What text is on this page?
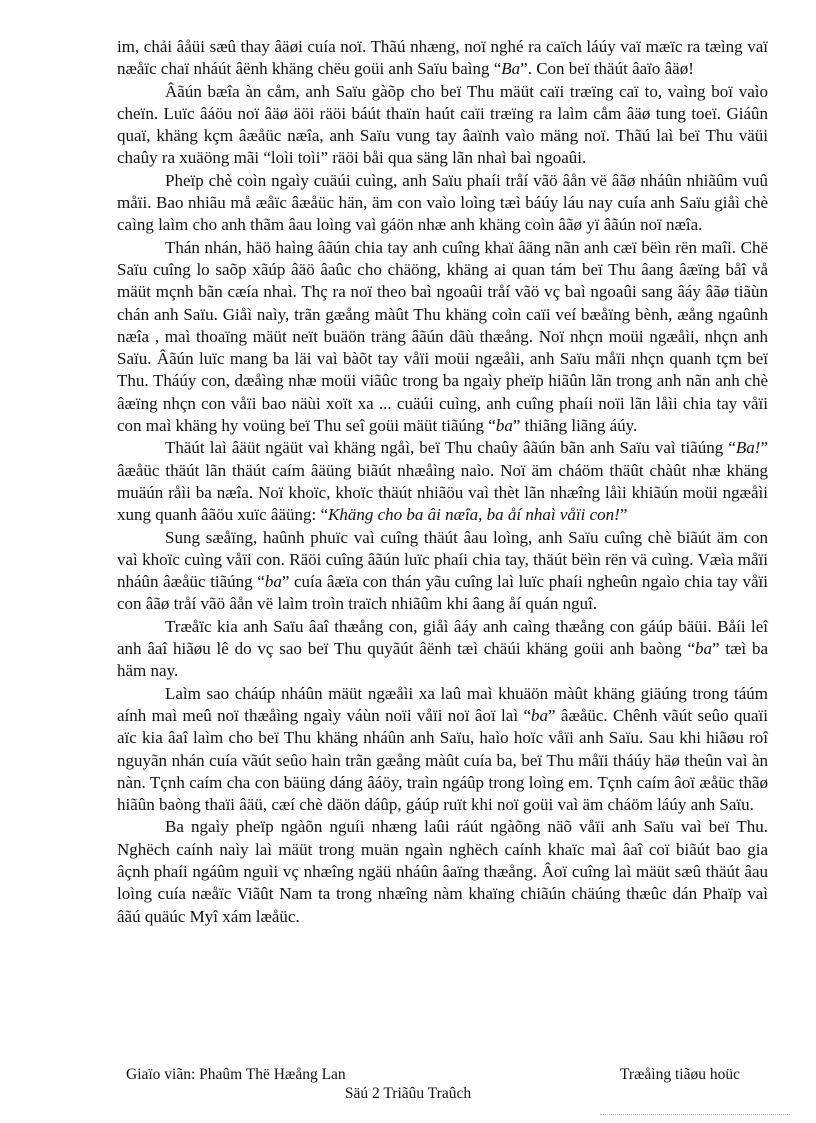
im, chải âåüi sæû thay âäøi cuía noï. Thãú nhæng, noï nghé ra caïch láúy vaï mæïc ra tæìng vaï næåïc chaï nháút âënh khäng chëu goüi anh Saïu baìng “Ba”. Con beï thäút âaïo âäø!

Âãún bæîa àn cåm, anh Saïu gàõp cho beï Thu mäüt caïi træïng caï to, vaìng boï vaìo cheïn. Luïc âáöu noï âäø äöi räöi báút thaïn haút caïi træïng ra laìm cåm âäø tung toeï. Giáûn quaï, khäng kçm âæåüc næîa, anh Saïu vung tay âaïnh vaìo mäng noï. Thãú laì beï Thu väüi chaûy ra xuäöng mãi “loìi toìi” räöi båi qua säng lãn nhaì baì ngoaûi.

Pheïp chè coìn ngaìy cuäúi cuìng, anh Saïu phaíi tråí vãö âån vë âãø nháûn nhiãûm vuû måïi. Bao nhiãu må æåïc âæåüc hän, äm con vaìo loìng tæì báúy láu nay cuía anh Saïu giåì chè caìng laìm cho anh thãm âau loìng vaì gáön nhæ anh khäng coìn âãø yï âãún noï næîa.

Thán nhán, häö haìng âãún chia tay anh cuîng khaï âäng nãn anh cæï bëìn rën maîi. Chë Saïu cuîng lo saõp xãúp âäö âaûc cho chäöng, khäng ai quan tám beï Thu âang âæïng båî vå mäüt mçnh bãn cæía nhaì. Thç ra noï theo baì ngoaûi tråí vãö vç baì ngoaûi sang âáy âãø tiãùn chán anh Saïu. Giåì naìy, trãn gæång màût Thu khäng coìn caïi veí bæåïng bènh, æång ngaûnh næîa , maì thoaïng mäüt neït buäön träng âãún dãù thæång. Noï nhçn moüi ngæåìi, nhçn anh Saïu. Âãún luïc mang ba läi vaì bàõt tay våïi moüi ngæåìi, anh Saïu måïi nhçn quanh tçm beï Thu. Tháúy con, dæåìng nhæ moüi viãûc trong ba ngaìy pheïp hiãûn lãn trong anh nãn anh chè âæïng nhçn con våïi bao näùi xoït xa ... cuäúi cuìng, anh cuîng phaíi noïi lãn låìi chia tay våïi con maì khäng hy voüng beï Thu seî goüi mäüt tiãúng “ba” thiãng liãng áúy.

Thäút laì âäüt ngäüt vaì khäng ngåì, beï Thu chaûy âãún bãn anh Saïu vaì tiãúng “Ba!” âæåüc thäút lãn thäút caím âäüng biãút nhæåìng naìo. Noï äm cháöm thäût chàût nhæ khäng muäún råìi ba næîa. Noï khoïc, khoïc thäút nhiãöu vaì thèt lãn nhæîng låìi khiãún moüi ngæåìi xung quanh âãöu xuïc âäüng: “Khäng cho ba âi næîa, ba åí nhaì våïi con!”

Sung sæåïng, haûnh phuïc vaì cuîng thäút âau loìng, anh Saïu cuîng chè biãút äm con vaì khoïc cuìng våïi con. Räöi cuîng âãún luïc phaíi chia tay, thäút bëìn rën vä cuìng. Væìa måïi nháûn âæåüc tiãúng “ba” cuía âæïa con thán yãu cuîng laì luïc phaíi ngheûn ngaìo chia tay våïi con âãø tråí vãö âån vë laìm troìn traïch nhiãûm khi âang åí quán nguî.

Træåïc kia anh Saïu âaî thæång con, giåì âáy anh caìng thæång con gáúp bäüi. Båíi leî anh âaî hiãøu lê do vç sao beï Thu quyãút âënh tæì chäúi khäng goüi anh baòng “ba” tæì ba häm nay.

Laìm sao cháúp nháûn mäüt ngæåìi xa laû maì khuäön màût khäng giäúng trong táúm aính maì meû noï thæåìng ngaìy váùn noïi våïi noï âoï laì “ba” âæåüc. Chênh vãút seûo quaïi aïc kia âaî laìm cho beï Thu khäng nháûn anh Saïu, haìo hoïc våïi anh Saïu. Sau khi hiãøu roî nguyãn nhán cuía vãút seûo haìn trãn gæång màût cuía ba, beï Thu måïi tháúy häø theûn vaì àn nàn. Tçnh caím cha con bäüng dáng âáöy, traìn ngáûp trong loìng em. Tçnh caím âoï æåüc thãø hiãûn baòng thaïi âäü, cæí chè däön dáûp, gáúp ruït khi noï goüi vaì äm cháöm láúy anh Saïu.

Ba ngaìy pheïp ngàõn nguíi nhæng laûi ráút ngàõng näõ våïi anh Saïu vaì beï Thu. Nghëch caính naìy laì mäüt trong muän ngaìn nghëch caính khaïc maì âaî coï biãút bao gia âçnh phaíi ngáûm nguìi vç nhæîng ngäü nháûn âaïng thæång. Âoï cuîng laì mäüt sæû thäút âau loìng cuía næåïc Viãût Nam ta trong nhæîng nàm khaïng chiãún chäúng thæûc dán Phaïp vaì âãú quäúc Myî xám læåüc.

Giaïo viãn: Phaûm Thë Hæång Lan	Træåìng tiãøu hoüc
Säú 2 Triãûu Traûch
